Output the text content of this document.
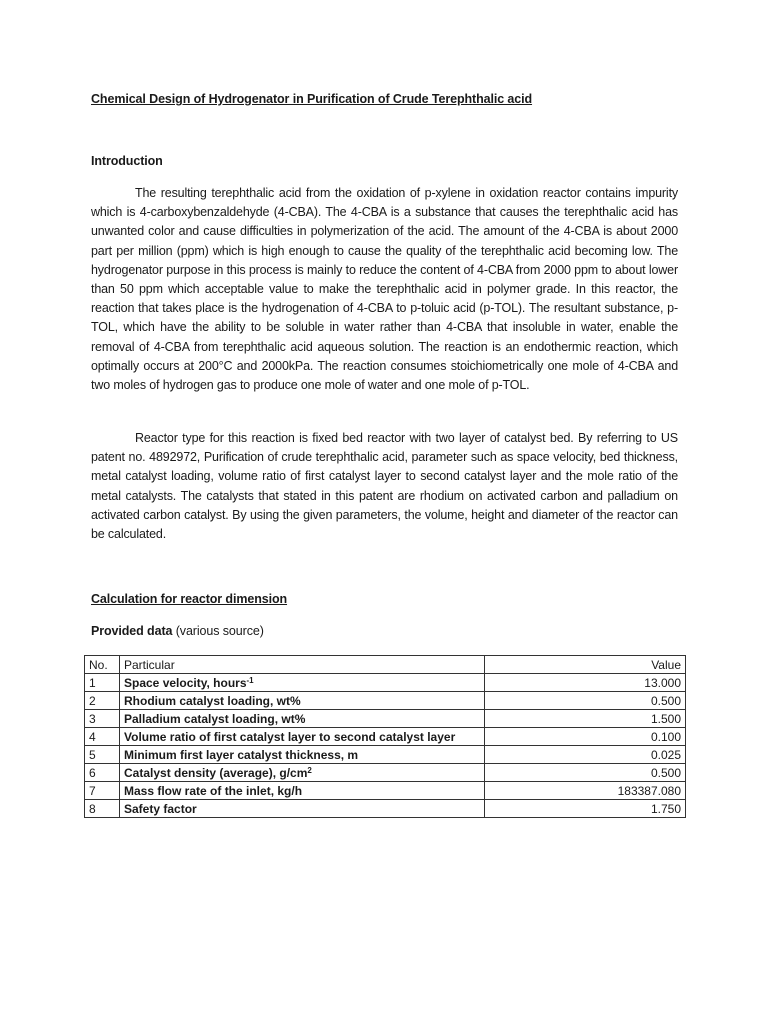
Chemical Design of Hydrogenator in Purification of Crude Terephthalic acid
Introduction

The resulting terephthalic acid from the oxidation of p-xylene in oxidation reactor contains impurity which is 4-carboxybenzaldehyde (4-CBA). The 4-CBA is a substance that causes the terephthalic acid has unwanted color and cause difficulties in polymerization of the acid. The amount of the 4-CBA is about 2000 part per million (ppm) which is high enough to cause the quality of the terephthalic acid becoming low. The hydrogenator purpose in this process is mainly to reduce the content of 4-CBA from 2000 ppm to about lower than 50 ppm which acceptable value to make the terephthalic acid in polymer grade. In this reactor, the reaction that takes place is the hydrogenation of 4-CBA to p-toluic acid (p-TOL). The resultant substance, p-TOL, which have the ability to be soluble in water rather than 4-CBA that insoluble in water, enable the removal of 4-CBA from terephthalic acid aqueous solution. The reaction is an endothermic reaction, which optimally occurs at 200°C and 2000kPa. The reaction consumes stoichiometrically one mole of 4-CBA and two moles of hydrogen gas to produce one mole of water and one mole of p-TOL.

Reactor type for this reaction is fixed bed reactor with two layer of catalyst bed. By referring to US patent no. 4892972, Purification of crude terephthalic acid, parameter such as space velocity, bed thickness, metal catalyst loading, volume ratio of first catalyst layer to second catalyst layer and the mole ratio of the metal catalysts. The catalysts that stated in this patent are rhodium on activated carbon and palladium on activated carbon catalyst. By using the given parameters, the volume, height and diameter of the reactor can be calculated.

Calculation for reactor dimension
Provided data (various source)
No.	Particular	Value
1	Space velocity, hours$^{-1}$	13.000
2	Rhodium catalyst loading, wt%	0.500
3	Palladium catalyst loading, wt%	1.500
4	Volume ratio of first catalyst layer to second catalyst layer	0.100
5	Minimum first layer catalyst thickness, m	0.025
6	Catalyst density (average), $g/cm^2$	0.500
7	Mass flow rate of the inlet, kg/h	183387.080
8	Safety factor	1.750
